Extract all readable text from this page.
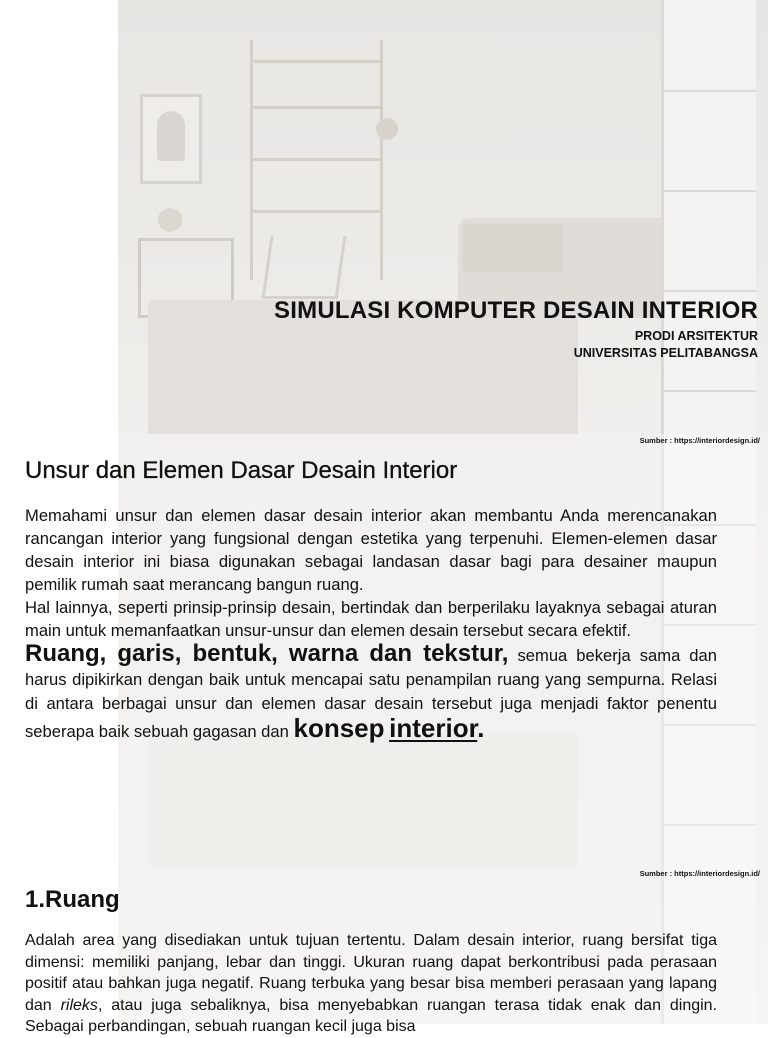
SIMULASI KOMPUTER DESAIN INTERIOR

PRODI ARSITEKTUR

UNIVERSITAS PELITABANGSA

Sumber : https://interiordesign.id/
Unsur dan Elemen Dasar Desain Interior

Memahami unsur dan elemen dasar desain interior akan membantu Anda merencanakan rancangan interior yang fungsional dengan estetika yang terpenuhi. Elemen-elemen dasar desain interior ini biasa digunakan sebagai landasan dasar bagi para desainer maupun pemilik rumah saat merancang bangun ruang.

Hal lainnya, seperti prinsip-prinsip desain, bertindak dan berperilaku layaknya sebagai aturan main untuk memanfaatkan unsur-unsur dan elemen desain tersebut secara efektif.

Ruang, garis, bentuk, warna dan tekstur, semua bekerja sama dan harus dipikirkan dengan baik untuk mencapai satu penampilan ruang yang sempurna. Relasi di antara berbagai unsur dan elemen dasar desain tersebut juga menjadi faktor penentu seberapa baik sebuah gagasan dan konsep interior.

Sumber : https://interiordesign.id/
1.Ruang

Adalah area yang disediakan untuk tujuan tertentu. Dalam desain interior, ruang bersifat tiga dimensi: memiliki panjang, lebar dan tinggi. Ukuran ruang dapat berkontribusi pada perasaan positif atau bahkan juga negatif. Ruang terbuka yang besar bisa memberi perasaan yang lapang dan rileks, atau juga sebaliknya, bisa menyebabkan ruangan terasa tidak enak dan dingin. Sebagai perbandingan, sebuah ruangan kecil juga bisa
